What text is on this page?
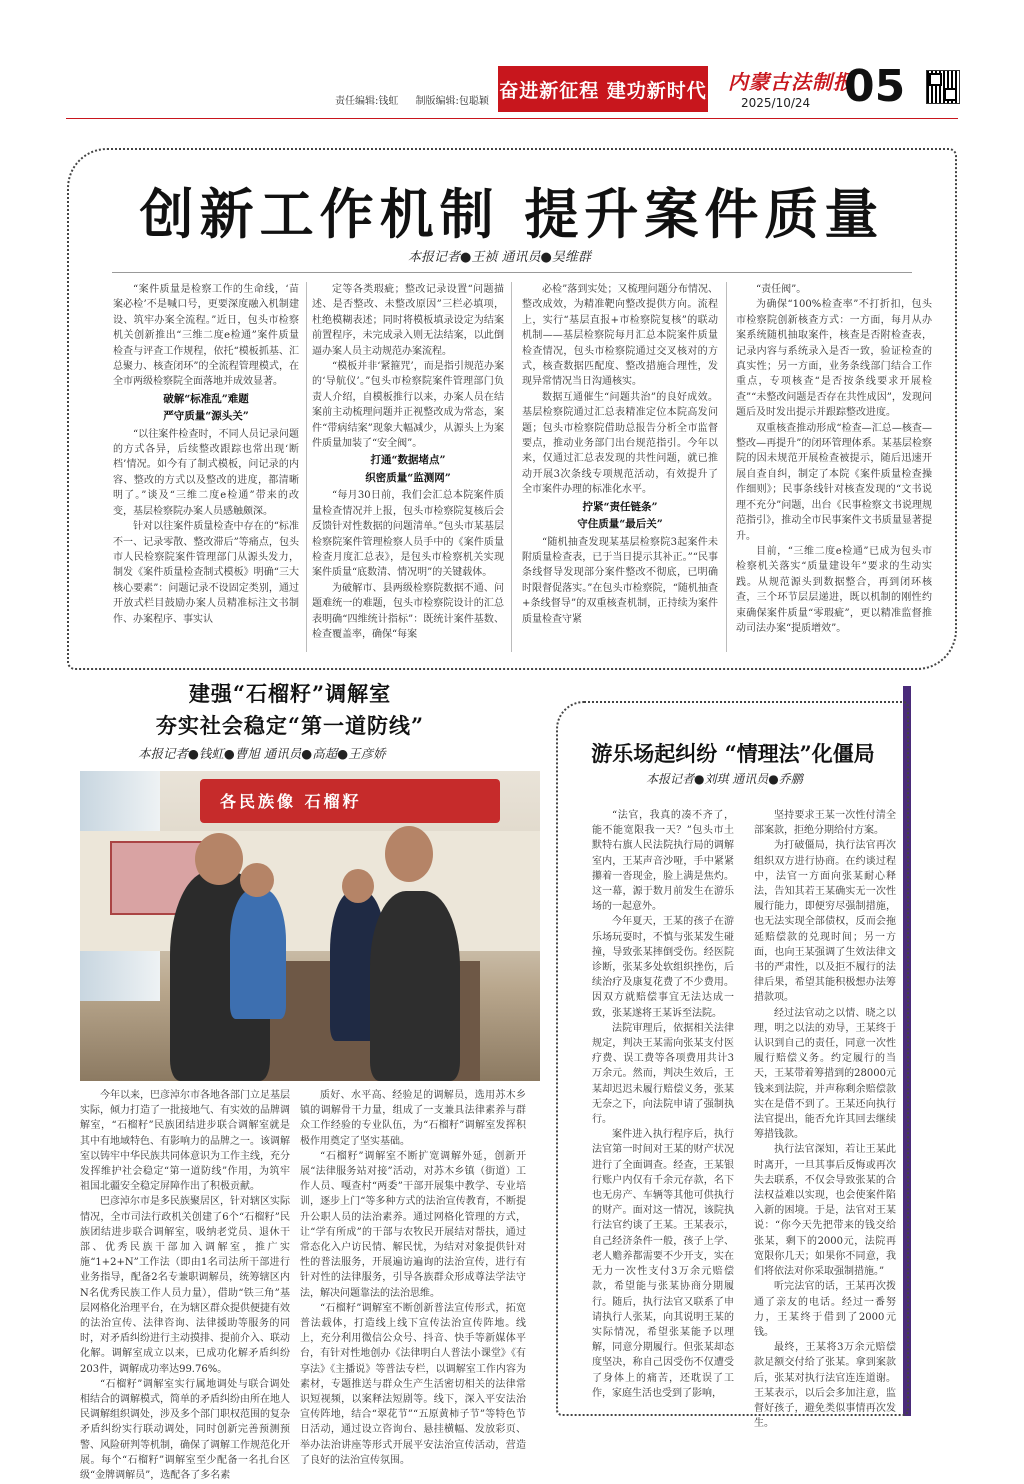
责任编辑:钱虹 制版编辑:包聪颖 奋进新征程 建功新时代 内蒙古法制报
2025/10/24 05
创新工作机制 提升案件质量
本报记者●王祯 通讯员●吴维群

“案件质量是检察工作的生命线，‘苗案必检’不是喊口号，更要深度融入机制建设、筑牢办案全流程。”近日，包头市检察机关创新推出“三维二度e检通”案件质量检查与评查工作规程，依托“模板抓基、汇总聚力、核查闭环”的全流程管理模式，在全市两级检察院全面落地并成效显著。

破解“标准乱”难题

严守质量“源头关”

“以往案件检查时，不同人员记录问题的方式各异，后续整改跟踪也常出现‘断档’情况。如今有了制式模板，问记录的内容、整改的方式以及整改的进度，都清晰明了。”谈及“三维二度e检通”带来的改变，基层检察院办案人员感触颇深。

针对以往案件质量检查中存在的“标准不一、记录零散、整改滞后”等痛点，包头市人民检察院案件管理部门从源头发力，制发《案件质量检查制式模板》明确“三大核心要素”：问题记录不设固定类别，通过开放式栏目鼓励办案人员精准标注文书制作、办案程序、事实认

定等各类瑕疵；整改记录设置“问题描述、是否整改、未整改原因”三栏必填项，杜绝模糊表述；同时将模板填录设定为结案前置程序，未完成录入则无法结案，以此倒逼办案人员主动规范办案流程。

“模板并非‘紧箍咒’，而是指引规范办案的‘导航仪’。”包头市检察院案件管理部门负责人介绍，自模板推行以来，办案人员在结案前主动梳理问题并正视整改成为常态，案件“带病结案”现象大幅减少，从源头上为案件质量加装了“安全阀”。

打通“数据堵点”

织密质量“监测网”

“每月30日前，我们会汇总本院案件质量检查情况并上报，包头市检察院复核后会反馈针对性数据的问题清单。”包头市某基层检察院案件管理检察人员手中的《案件质量检查月度汇总表》，是包头市检察机关实现案件质量“底数清、情况明”的关键载体。

为破解市、县两级检察院数据不通、问题难统一的难题，包头市检察院设计的汇总表明确“四维统计指标”：既统计案件基数、检查覆盖率，确保“每案

必检”落到实处；又梳理问题分布情况、整改成效，为精准靶向整改提供方向。流程上，实行“基层直报+市检察院复核”的联动机制——基层检察院每月汇总本院案件质量检查情况，包头市检察院通过交叉核对的方式，核查数据匹配度、整改措施合理性，发现异常情况当日沟通核实。

数据互通催生“问题共治”的良好成效。基层检察院通过汇总表精准定位本院高发问题；包头市检察院借助总报告分析全市监督要点，推动业务部门出台规范指引。今年以来，仅通过汇总表发现的共性问题，就已推动开展3次条线专项规范活动，有效提升了全市案件办理的标准化水平。

拧紧“责任链条”

守住质量“最后关”

“随机抽查发现某基层检察院3起案件未附质量检查表，已于当日提示其补正。”“民事条线督导发现部分案件整改不彻底，已明确时限督促落实。”在包头市检察院，“随机抽查+条线督导”的双重核查机制，正持续为案件质量检查守紧

“责任阀”。

为确保“100%检查率”不打折扣，包头市检察院创新核查方式：一方面，每月从办案系统随机抽取案件，核查是否附检查表，记录内容与系统录入是否一致，验证检查的真实性；另一方面，业务条线部门结合工作重点，专项核查“是否按条线要求开展检查”“未整改问题是否存在共性成因”，发现问题后及时发出提示并跟踪整改进度。

双重核查推动形成“检查—汇总—核查—整改—再提升”的闭环管理体系。某基层检察院的因未规范开展检查被提示，随后迅速开展自查自纠，制定了本院《案件质量检查操作细则》；民事条线针对核查发现的“文书说理不充分”问题，出台《民事检察文书说理规范指引》，推动全市民事案件文书质量显著提升。

目前，“三维二度e检通”已成为包头市检察机关落实“质量建设年”要求的生动实践。从规范源头到数据整合，再到闭环核查，三个环节层层递进，既以机制的刚性约束确保案件质量“零瑕疵”，更以精准监督推动司法办案“提质增效”。

建强“石榴籽”调解室
夯实社会稳定“第一道防线”
本报记者●钱虹●曹旭 通讯员●高超●王彦娇
各民族像 石榴籽

今年以来，巴彦淖尔市各地各部门立足基层实际，倾力打造了一批接地气、有实效的品牌调解室，“石榴籽”民族团结进步联合调解室就是其中有地域特色、有影响力的品牌之一。该调解室以铸牢中华民族共同体意识为工作主线，充分发挥维护社会稳定“第一道防线”作用，为筑牢祖国北疆安全稳定屏障作出了积极贡献。

巴彦淖尔市是多民族聚居区，针对辖区实际情况，全市司法行政机关创建了6个“石榴籽”民族团结进步联合调解室，吸纳老党员、退休干部、优秀民族干部加入调解室，推广实施“1+2+N”工作法（即由1名司法所干部进行业务指导，配备2名专兼职调解员，统筹辖区内N名优秀民族工作人员力量），借助“铁三角”基层网格化治理平台，在为辖区群众提供便捷有效的法治宣传、法律咨询、法律援助等服务的同时，对矛盾纠纷进行主动摸排、提前介入、联动化解。调解室成立以来，已成功化解矛盾纠纷203件，调解成功率达99.76%。

“石榴籽”调解室实行属地调处与联合调处相结合的调解模式，简单的矛盾纠纷由所在地人民调解组织调处，涉及多个部门职权范围的复杂矛盾纠纷实行联动调处，同时创新完善预测预警、风险研判等机制，确保了调解工作规范化开展。每个“石榴籽”调解室至少配备一名扎台区级“金牌调解员”，选配各了多名素

质好、水平高、经验足的调解员，选用苏木乡镇的调解骨干力量，组成了一支兼具法律素养与群众工作经验的专业队伍，为“石榴籽”调解室发挥积极作用奠定了坚实基础。

“石榴籽”调解室不断扩宽调解外延，创新开展“法律服务站对接”活动，对苏木乡镇（街道）工作人员、嘎查村“两委”干部开展集中教学、专业培训，逐步上门“等多种方式的法治宣传教育，不断提升公职人员的法治素养。通过网格化管理的方式，让“学有所成”的干部与农牧民开展结对帮扶，通过常态化入户访民情、解民忧，为结对对象提供针对性的普法服务，开展遍访遍询的法治宣传，进行有针对性的法律服务，引导各族群众形成尊法学法守法，解决问题靠法的法治思维。

“石榴籽”调解室不断创新普法宣传形式，拓宽普法载体，打造线上线下宣传法治宣传阵地。线上，充分利用微信公众号、抖音、快手等新媒体平台，有针对性地创办《法律明白人普法小课堂》《有享法》《主播说》等普法专栏，以调解室工作内容为素材，专题推送与群众生产生活密切相关的法律常识短视频，以案释法短剧等。线下，深入平安法治宣传阵地，结合“翠花节”“五原黄柿子节”等特色节日活动，通过设立咨询台、悬挂横幅、发放彩页、举办法治讲座等形式开展平安法治宣传活动，营造了良好的法治宣传氛围。

游乐场起纠纷 “情理法”化僵局
本报记者●刘琪 通讯员●乔鹏

“法官，我真的凑不齐了，能不能宽限我一天？”包头市土默特右旗人民法院执行局的调解室内，王某声音沙哑，手中紧紧攥着一沓现金，脸上满是焦灼。这一幕，源于数月前发生在游乐场的一起意外。

今年夏天，王某的孩子在游乐场玩耍时，不慎与张某发生碰撞，导致张某摔倒受伤。经医院诊断，张某多处软组织挫伤，后续治疗及康复花费了不少费用。因双方就赔偿事宜无法达成一致，张某遂将王某诉至法院。

法院审理后，依据相关法律规定，判决王某需向张某支付医疗费、误工费等各项费用共计3万余元。然而，判决生效后，王某却迟迟未履行赔偿义务，张某无奈之下，向法院申请了强制执行。

案件进入执行程序后，执行法官第一时间对王某的财产状况进行了全面调查。经查，王某银行账户内仅有千余元存款，名下也无房产、车辆等其他可供执行的财产。面对这一情况，该院执行法官约谈了王某。王某表示，自己经济条件一般，孩子上学、老人赡养都需要不少开支，实在无力一次性支付3万余元赔偿款，希望能与张某协商分期履行。随后，执行法官又联系了申请执行人张某，向其说明王某的实际情况，希望张某能予以理解，同意分期履行。但张某却态度坚决，称自己因受伤不仅遭受了身体上的痛苦，还耽误了工作，家庭生活也受到了影响，

坚持要求王某一次性付清全部案款，拒绝分期给付方案。

为打破僵局，执行法官再次组织双方进行协商。在约谈过程中，法官一方面向张某耐心释法，告知其若王某确实无一次性履行能力，即便穷尽强制措施，也无法实现全部债权，反而会拖延赔偿款的兑现时间；另一方面，也向王某强调了生效法律文书的严肃性，以及拒不履行的法律后果，希望其能积极想办法筹措款项。

经过法官动之以情、晓之以理，明之以法的劝导，王某终于认识到自己的责任，同意一次性履行赔偿义务。约定履行的当天，王某带着筹措到的28000元钱来到法院，并声称剩余赔偿款实在是借不到了。王某还向执行法官提出，能否允许其回去继续筹措钱款。

执行法官深知，若让王某此时离开，一旦其事后反悔或再次失去联系，不仅会导致张某的合法权益难以实现，也会使案件陷入新的困境。于是，法官对王某说：“你今天先把带来的钱交给张某，剩下的2000元，法院再宽限你几天；如果你不同意，我们将依法对你采取强制措施。”

听完法官的话，王某再次拨通了亲友的电话。经过一番努力，王某终于借到了2000元钱。

最终，王某将3万余元赔偿款足额交付给了张某。拿到案款后，张某对执行法官连连道谢。王某表示，以后会多加注意，监督好孩子，避免类似事情再次发生。
